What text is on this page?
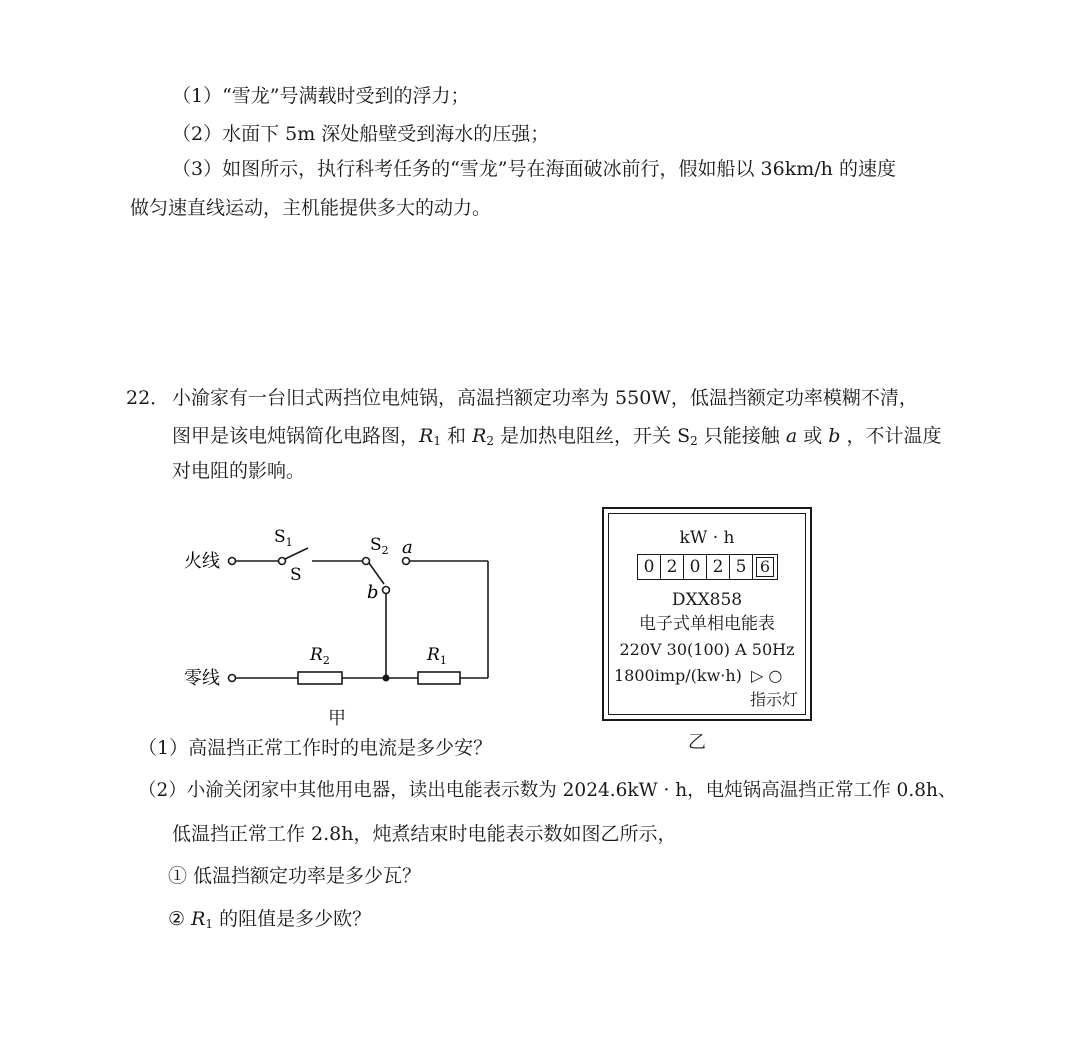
（1）“雪龙”号满载时受到的浮力；
（2）水面下 5m 深处船壁受到海水的压强；
（3）如图所示，执行科考任务的“雪龙”号在海面破冰前行，假如船以 36km/h 的速度
做匀速直线运动，主机能提供多大的动力。
22． 小渝家有一台旧式两挡位电炖锅，高温挡额定功率为 550W，低温挡额定功率模糊不清，
图甲是该电炖锅简化电路图，$R_1$ 和 $R_2$ 是加热电阻丝，开关 $S_2$ 只能接触 a 或 b ，不计温度
对电阻的影响。
火线
零线
$S_1$
S
$S_2$ a
b
$R_2$	$R_1$
甲
kW · h
0 2 0 2 5 6
DXX858
电子式单相电能表
220V 30(100) A 50Hz
1800imp/(kw·h) ▷ ○
指示灯
乙
（1）高温挡正常工作时的电流是多少安？
（2）小渝关闭家中其他用电器，读出电能表示数为 2024.6kW · h，电炖锅高温挡正常工作 0.8h、
低温挡正常工作 2.8h，炖煮结束时电能表示数如图乙所示，
① 低温挡额定功率是多少瓦？
② $R_1$ 的阻值是多少欧？
